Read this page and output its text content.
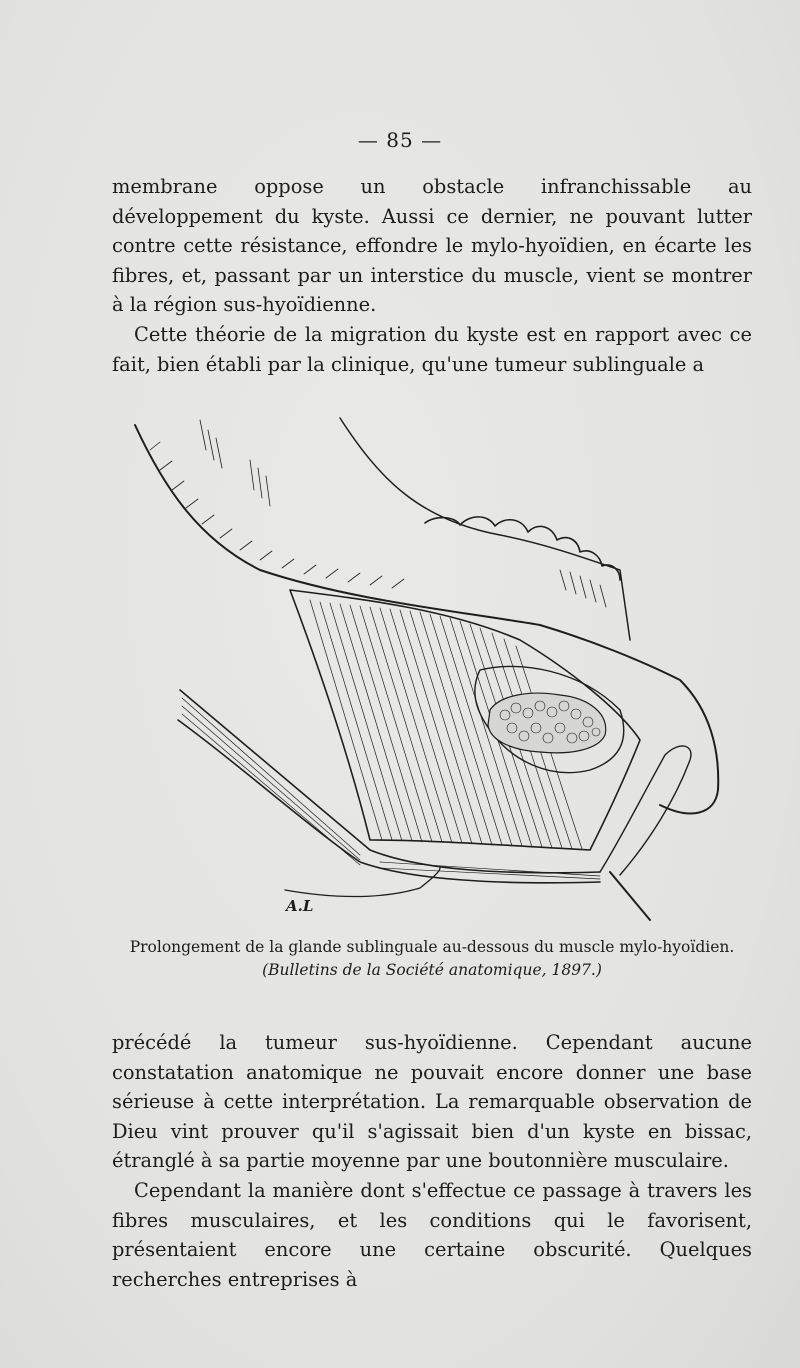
— 85 —

membrane oppose un obstacle infranchissable au développement du kyste. Aussi ce dernier, ne pouvant lutter contre cette résistance, effondre le mylo-hyoïdien, en écarte les fibres, et, passant par un interstice du muscle, vient se montrer à la région sus-hyoïdienne.

Cette théorie de la migration du kyste est en rapport avec ce fait, bien établi par la clinique, qu'une tumeur sublinguale a

A.L
Prolongement de la glande sublinguale au-dessous du muscle mylo-hyoïdien.
(Bulletins de la Société anatomique, 1897.)

précédé la tumeur sus-hyoïdienne. Cependant aucune constatation anatomique ne pouvait encore donner une base sérieuse à cette interprétation. La remarquable observation de Dieu vint prouver qu'il s'agissait bien d'un kyste en bissac, étranglé à sa partie moyenne par une boutonnière musculaire.

Cependant la manière dont s'effectue ce passage à travers les fibres musculaires, et les conditions qui le favorisent, présentaient encore une certaine obscurité. Quelques recherches entreprises à
